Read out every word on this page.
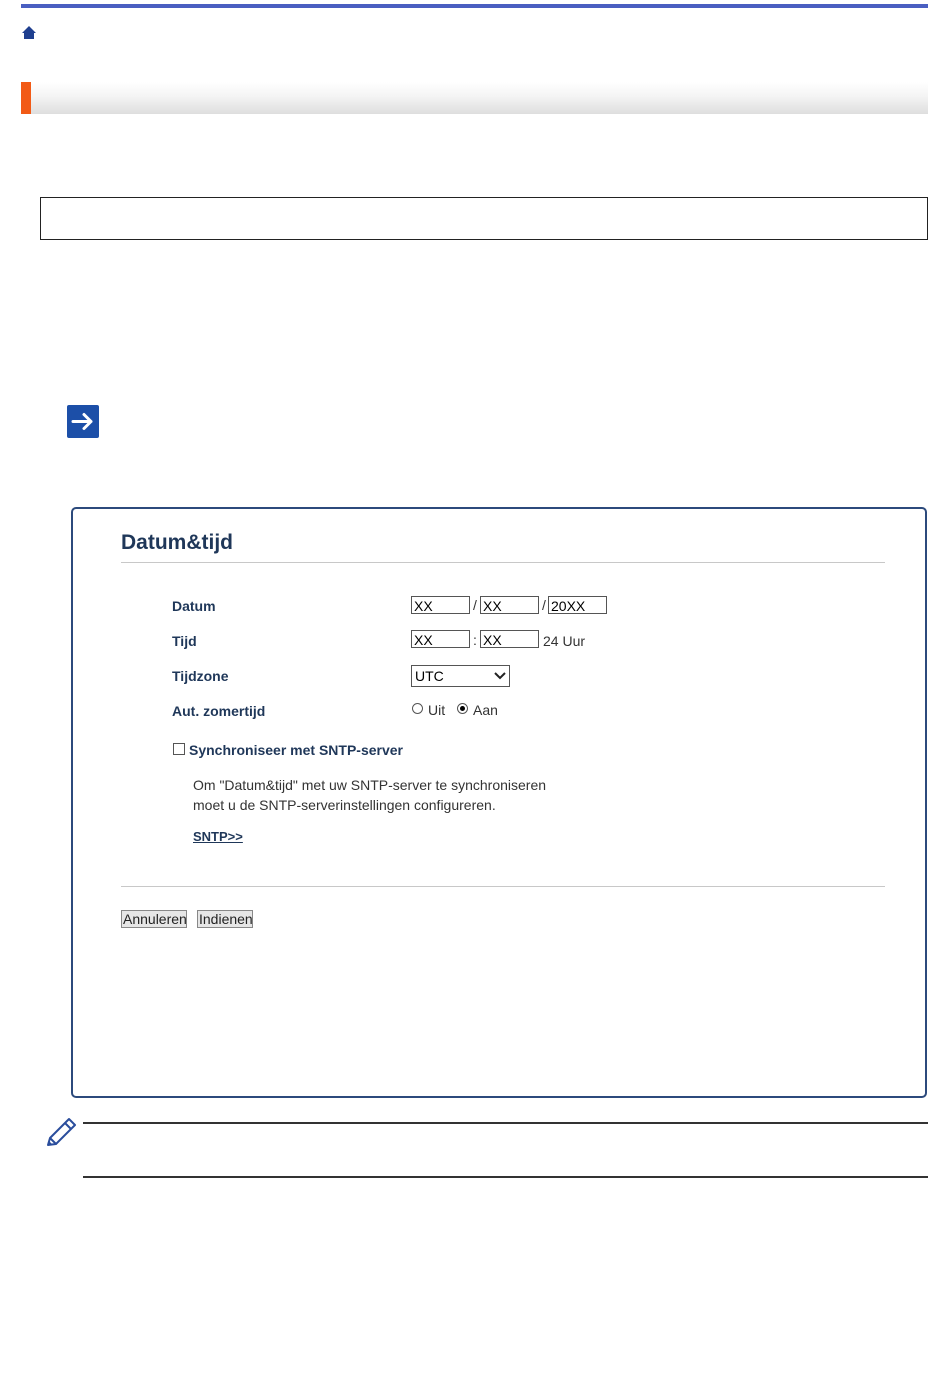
Datum&tijd
Datum	XX	/ XX	/ 20XX
Tijd	XX	: XX	24 Uur
Tijdzone	UTC
Aut. zomertijd	Uit Aan
Synchroniseer met SNTP-server
Om "Datum&tijd" met uw SNTP-server te synchroniseren
moet u de SNTP-serverinstellingen configureren.
SNTP>>
Annuleren Indienen
